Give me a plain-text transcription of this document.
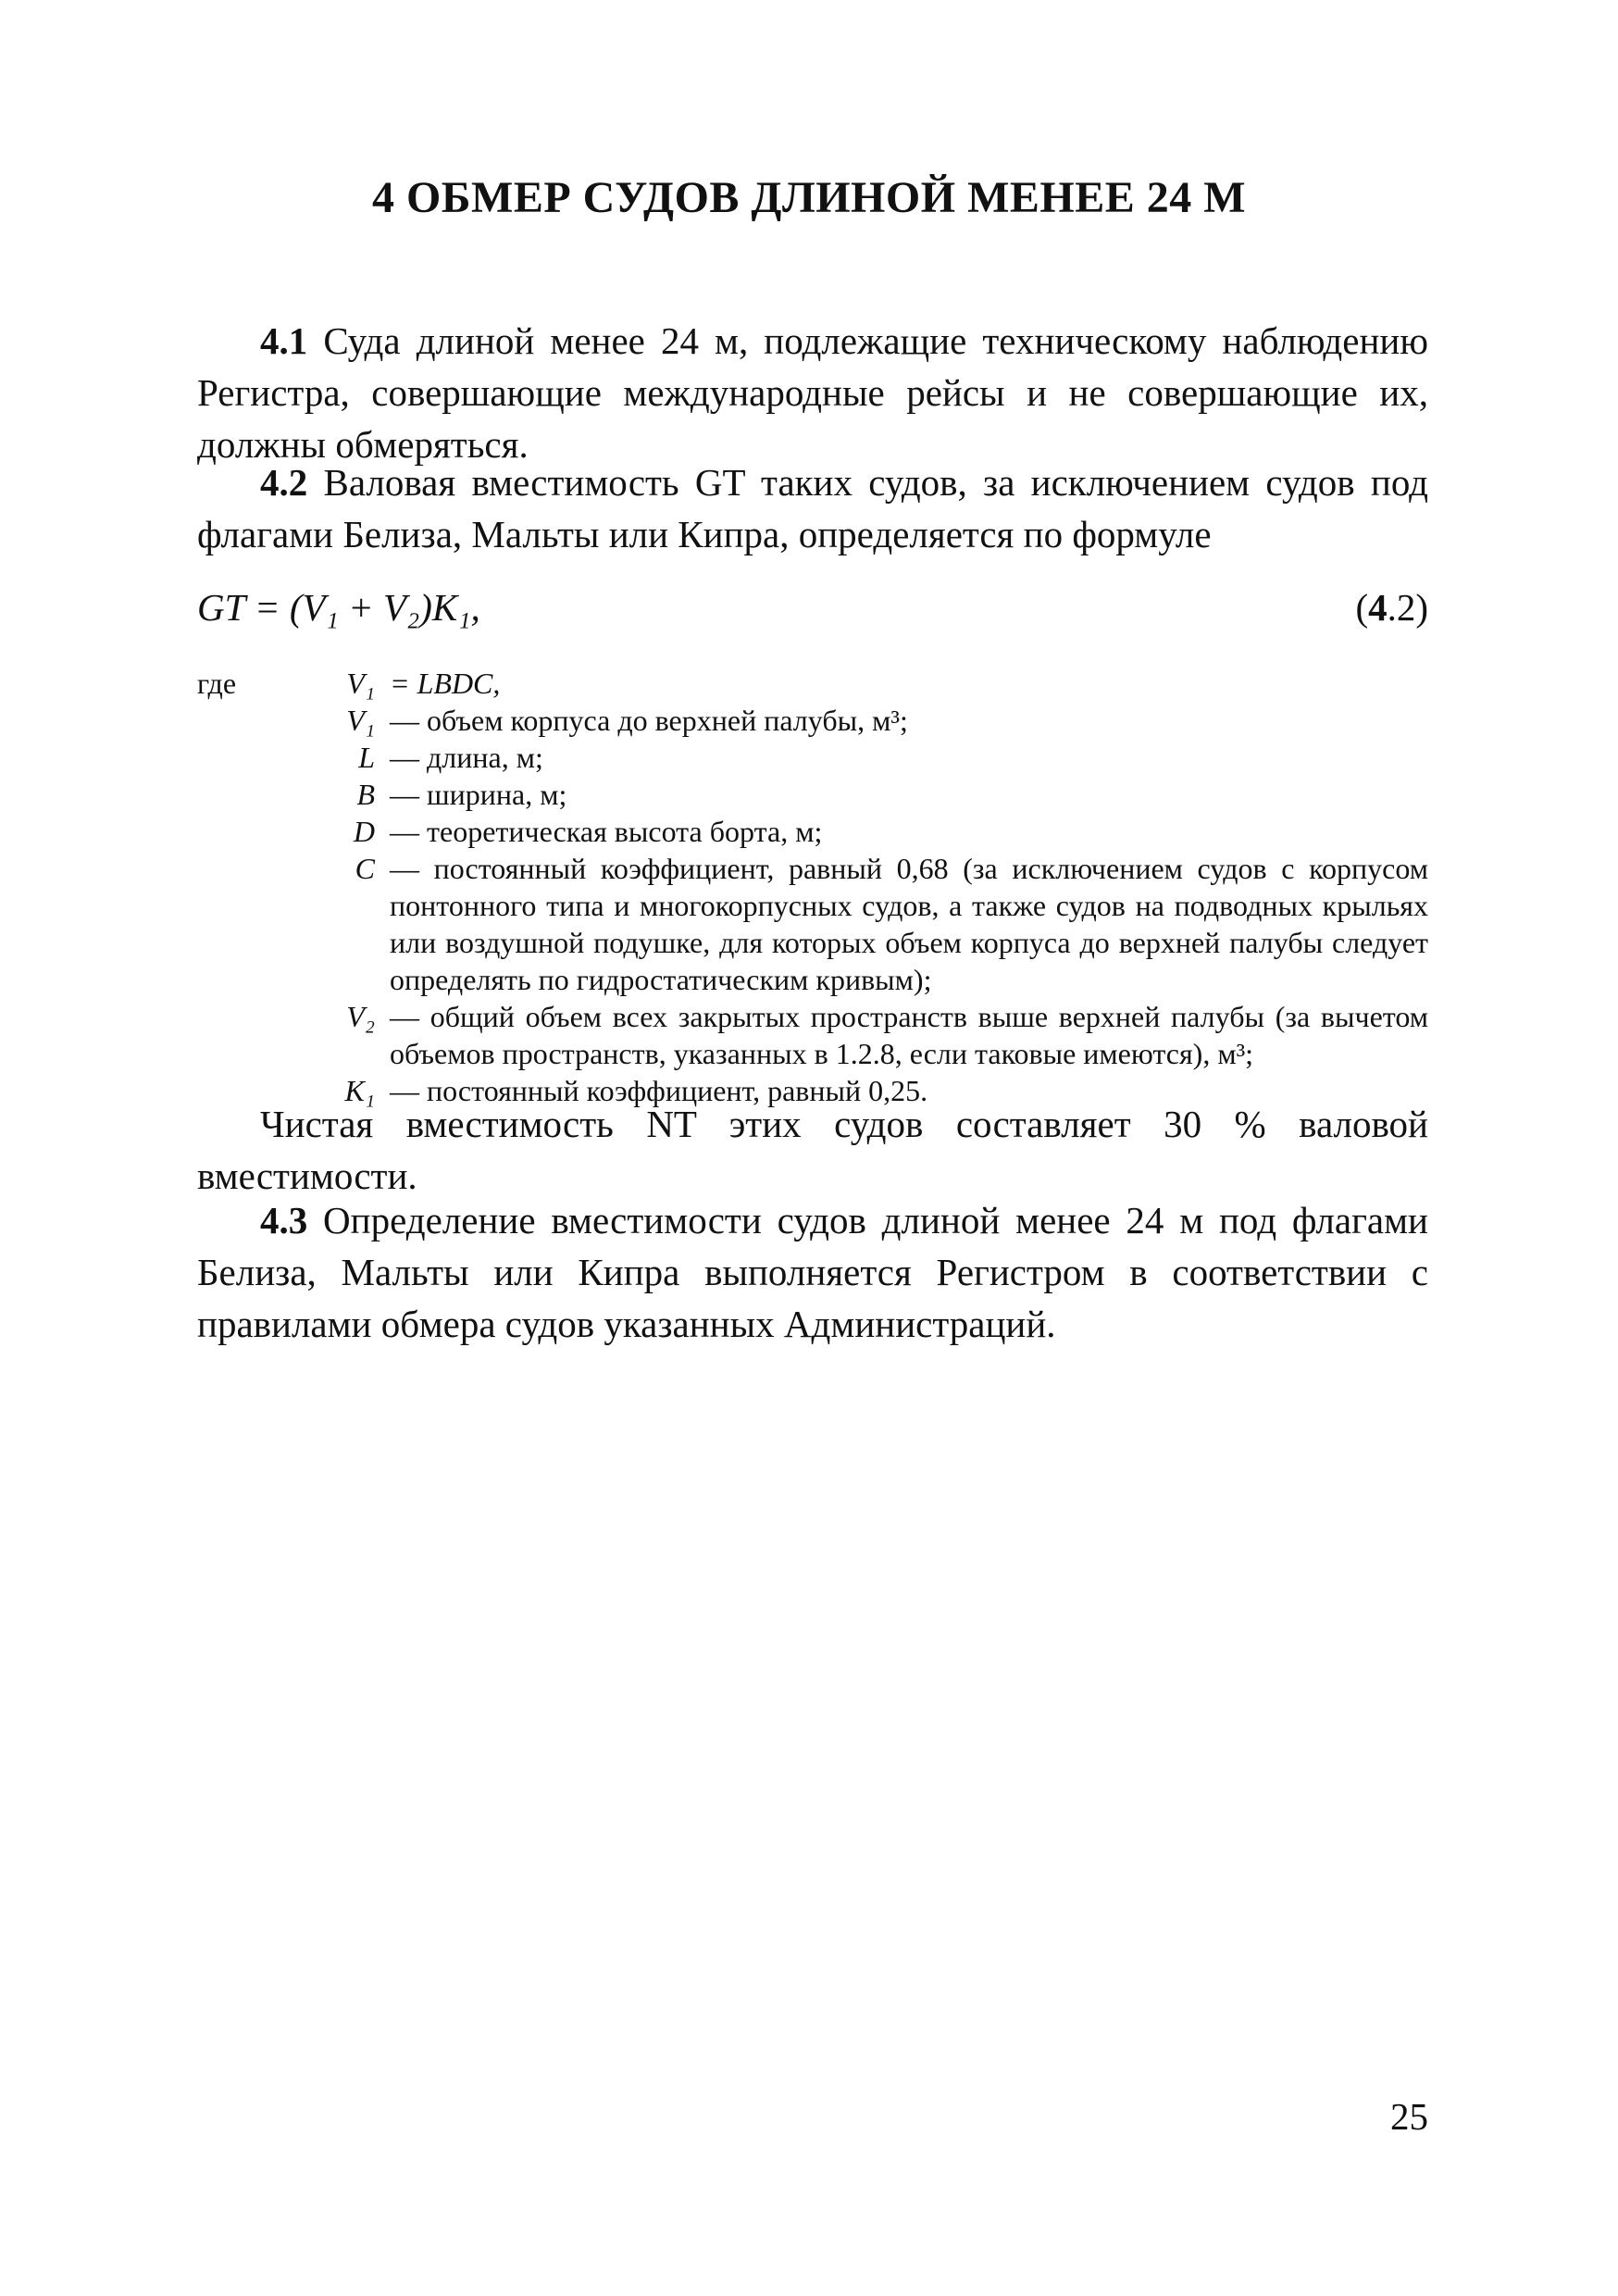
4 ОБМЕР СУДОВ ДЛИНОЙ МЕНЕЕ 24 М
4.1 Суда длиной менее 24 м, подлежащие техническому наблюдению Регистра, совершающие международные рейсы и не совершающие их, должны обмеряться.
4.2 Валовая вместимость GT таких судов, за исключением судов под флагами Белиза, Мальты или Кипра, определяется по формуле
GT = (V₁ + V₂)K₁,	(4.2)
где	V₁ = LBDC,
V₁ — объем корпуса до верхней палубы, м³;
L — длина, м;
B — ширина, м;
D — теоретическая высота борта, м;
C — постоянный коэффициент, равный 0,68 (за исключением судов с корпусом понтонного типа и многокорпусных судов, а также судов на подводных крыльях или воздушной подушке, для которых объем корпуса до верхней палубы следует определять по гидростатическим кривым);
V₂ — общий объем всех закрытых пространств выше верхней палубы (за вычетом объемов пространств, указанных в 1.2.8, если таковые имеются), м³;
K₁ — постоянный коэффициент, равный 0,25.
Чистая вместимость NT этих судов составляет 30 % валовой вместимости.
4.3 Определение вместимости судов длиной менее 24 м под флагами Белиза, Мальты или Кипра выполняется Регистром в соответствии с правилами обмера судов указанных Администраций.
25
